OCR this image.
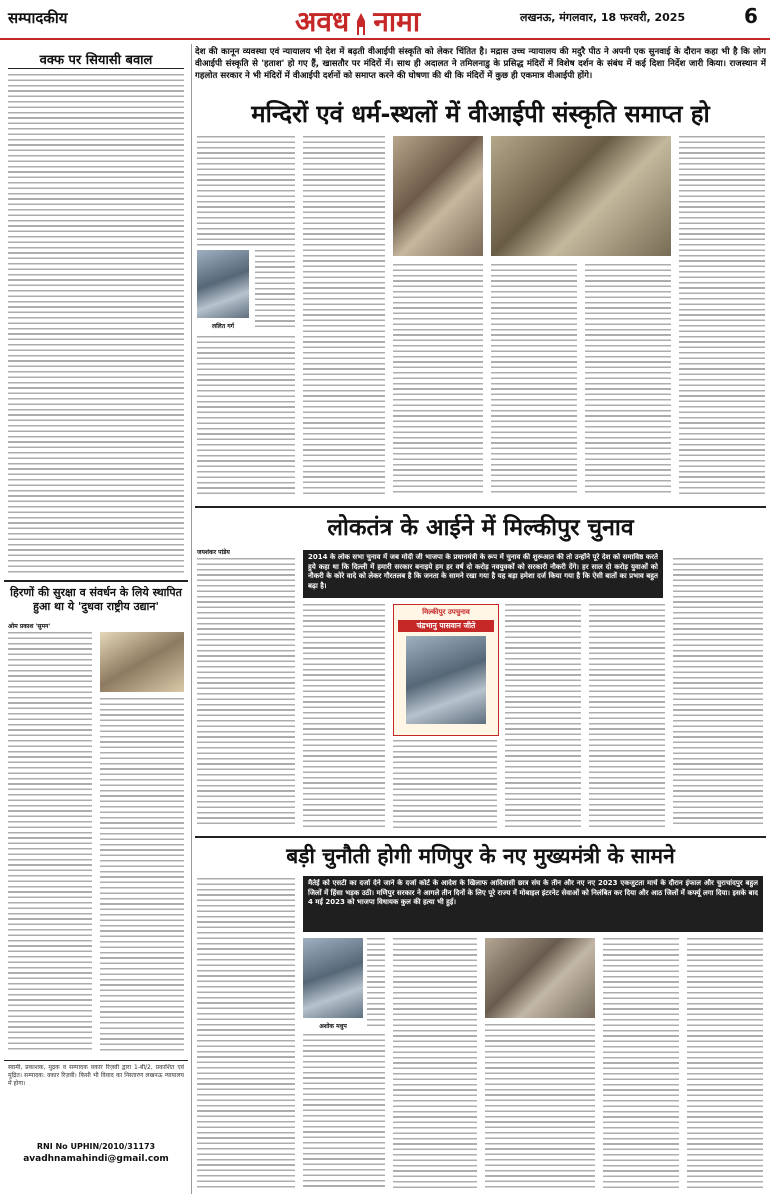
सम्पादकीय	अवध नामा	लखनऊ, मंगलवार, 18 फरवरी, 2025	6
वक्फ पर सियासी बवाल
हिरणों की सुरक्षा व संवर्धन के लिये स्थापित हुआ था ये 'दुधवा राष्ट्रीय उद्यान'
ओम प्रकाश 'सुमन'
स्वामी, प्रकाशक, मुद्रक व सम्पादक वकार रिज़वी द्वारा 1-बी/2, प्रकाशित एवं मुद्रित। सम्पादक: वकार रिज़वी। किसी भी विवाद का निस्तारण लखनऊ न्यायालय में होगा।
RNI No UPHIN/2010/31173
avadhnamahindi@gmail.com
देश की कानून व्यवस्था एवं न्यायालय भी देश में बढ़ती वीआईपी संस्कृति को लेकर चिंतित है। मद्रास उच्च न्यायालय की मदुरै पीठ ने अपनी एक सुनवाई के दौरान कहा भी है कि लोग वीआईपी संस्कृति से 'हताश' हो गए हैं, खासतौर पर मंदिरों में। साथ ही अदालत ने तमिलनाडु के प्रसिद्ध मंदिरों में विशेष दर्शन के संबंध में कई दिशा निर्देश जारी किया। राजस्थान में गहलोत सरकार ने भी मंदिरों में वीआईपी दर्शनों को समाप्त करने की घोषणा की थी कि मंदिरों में कुछ ही एकमात्र वीआईपी होंगे।
मन्दिरों एवं धर्म-स्थलों में वीआईपी संस्कृति समाप्त हो
ललित गर्ग
लोकतंत्र के आईने में मिल्कीपुर चुनाव
जयशंकर पांडेय
2014 के लोक सभा चुनाव में जब मोदी जी भाजपा के प्रधानमंत्री के रूप में चुनाव की शुरूआत की तो उन्होंने पूरे देश को समाविष्ठ करते हुये कहा था कि दिल्ली में हमारी सरकार बनाइये हम हर वर्ष दो करोड़ नवयुवकों को सरकारी नौकरी देंगे। हर साल दो करोड़ युवाओं को नौकरी के कोरे वादे को लेकर गौरतलब है कि जनता के सामने रखा गया है यह बड़ा हमेशा दर्ज किया गया है कि ऐसी बातों का प्रभाव बहुत बढ़ा है।
मिल्कीपुर उपचुनाव
चंद्रभानु पासवान जीते
बड़ी चुनौती होगी मणिपुर के नए मुख्यमंत्री के सामने
मैतेई को एसटी का दर्जा देने जाने के दर्जा कोर्ट के आदेश के खिलाफ आदिवासी छात्र संघ के तीन और नए नए 2023 एकजुटता मार्च के दौरान इंफाल और चुराचांदपुर बहुल जिलों में हिंसा भड़क उठी। मणिपुर सरकार ने आगले तीन दिनों के लिए पूरे राज्य में मोबाइल इंटरनेट सेवाओं को निलंबित कर दिया और आठ जिलों में कर्फ्यू लगा दिया। इसके बाद 4 मई 2023 को भाजपा विधायक कुल की हत्या भी हुई।
अशोक मधुप
